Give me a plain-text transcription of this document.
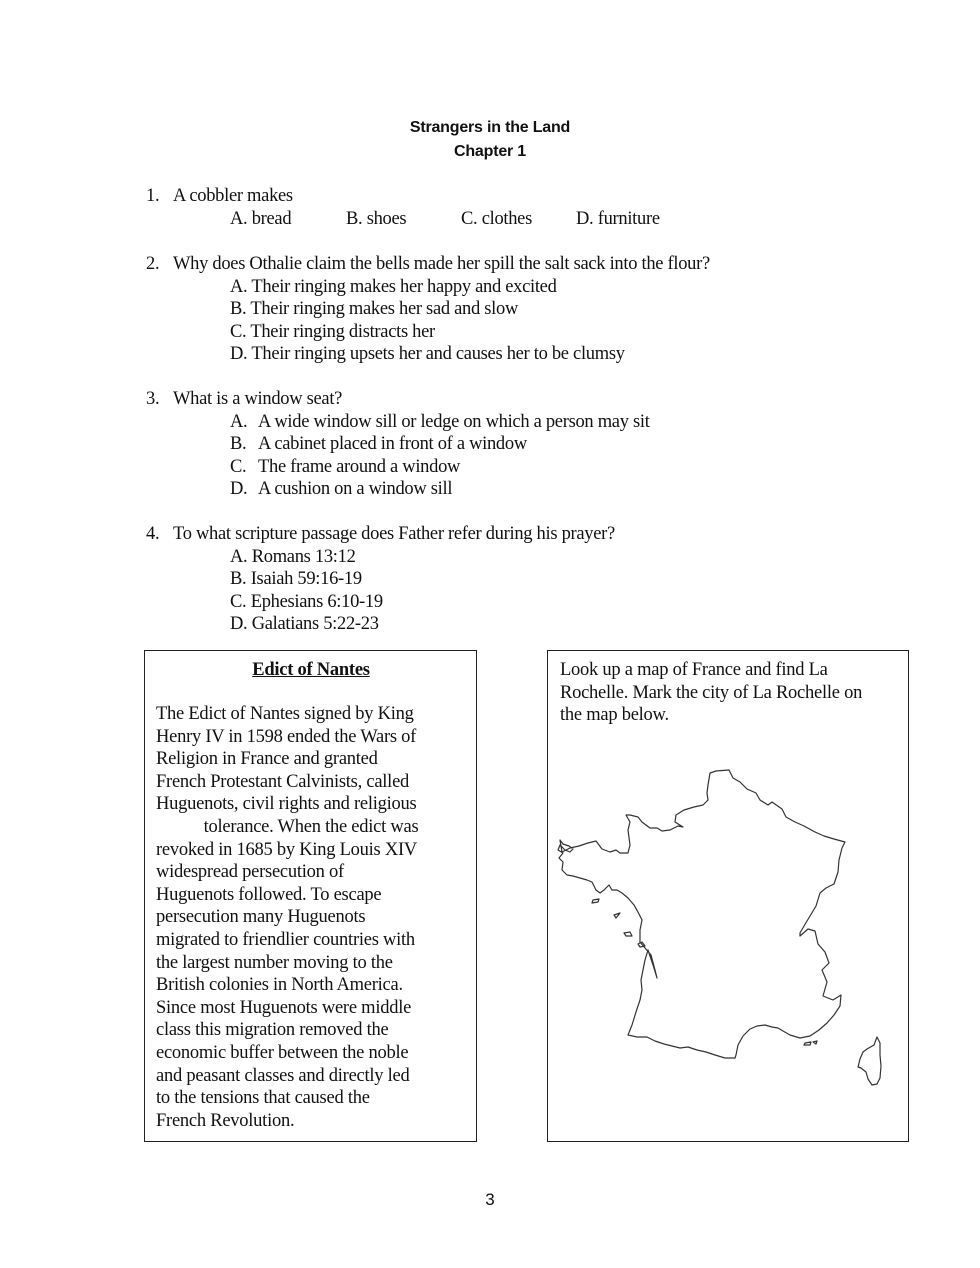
Strangers in the Land
Chapter 1
1. A cobbler makes
A. bread	B. shoes	C. clothes	D. furniture
2. Why does Othalie claim the bells made her spill the salt sack into the flour?
A. Their ringing makes her happy and excited
B. Their ringing makes her sad and slow
C. Their ringing distracts her
D. Their ringing upsets her and causes her to be clumsy
3. What is a window seat?
A. A wide window sill or ledge on which a person may sit
B. A cabinet placed in front of a window
C. The frame around a window
D. A cushion on a window sill
4. To what scripture passage does Father refer during his prayer?
A. Romans 13:12
B. Isaiah 59:16-19
C. Ephesians 6:10-19
D. Galatians 5:22-23
Edict of Nantes

The Edict of Nantes signed by King
Henry IV in 1598 ended the Wars of
Religion in France and granted
French Protestant Calvinists, called
Huguenots, civil rights and religious
tolerance. When the edict was
revoked in 1685 by King Louis XIV
widespread persecution of
Huguenots followed. To escape
persecution many Huguenots
migrated to friendlier countries with
the largest number moving to the
British colonies in North America.
Since most Huguenots were middle
class this migration removed the
economic buffer between the noble
and peasant classes and directly led
to the tensions that caused the
French Revolution.

Look up a map of France and find La
Rochelle. Mark the city of La Rochelle on
the map below.

3
